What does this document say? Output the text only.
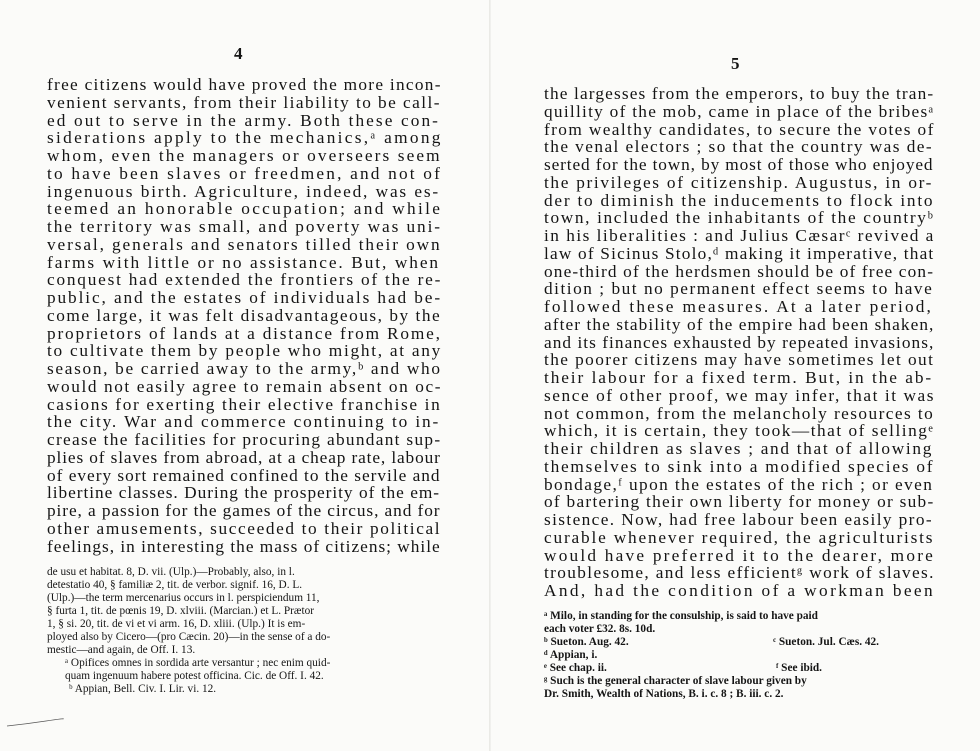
4

free citizens would have proved the more incon-
venient servants, from their liability to be call-
ed out to serve in the army. Both these con-
siderations apply to the mechanics,ᵃ among
whom, even the managers or overseers seem
to have been slaves or freedmen, and not of
ingenuous birth. Agriculture, indeed, was es-
teemed an honorable occupation; and while
the territory was small, and poverty was uni-
versal, generals and senators tilled their own
farms with little or no assistance. But, when
conquest had extended the frontiers of the re-
public, and the estates of individuals had be-
come large, it was felt disadvantageous, by the
proprietors of lands at a distance from Rome,
to cultivate them by people who might, at any
season, be carried away to the army,ᵇ and who
would not easily agree to remain absent on oc-
casions for exerting their elective franchise in
the city. War and commerce continuing to in-
crease the facilities for procuring abundant sup-
plies of slaves from abroad, at a cheap rate, labour
of every sort remained confined to the servile and
libertine classes. During the prosperity of the em-
pire, a passion for the games of the circus, and for
other amusements, succeeded to their political
feelings, in interesting the mass of citizens; while

de usu et habitat. 8, D. vii. (Ulp.)—Probably, also, in l.
detestatio 40, § familiæ 2, tit. de verbor. signif. 16, D. L.
(Ulp.)—the term mercenarius occurs in l. perspiciendum 11,
§ furta 1, tit. de pœnis 19, D. xlviii. (Marcian.) et L. Prætor
1, § si. 20, tit. de vi et vi arm. 16, D. xliii. (Ulp.) It is em-
ployed also by Cicero—(pro Cæcin. 20)—in the sense of a do-
mestic—and again, de Off. I. 13.
ᵃ Opifices omnes in sordida arte versantur ; nec enim quid-
quam ingenuum habere potest officina. Cic. de Off. I. 42.
ᵇ Appian, Bell. Civ. I. Lir. vi. 12.
5

the largesses from the emperors, to buy the tran-
quillity of the mob, came in place of the bribesᵃ
from wealthy candidates, to secure the votes of
the venal electors ; so that the country was de-
serted for the town, by most of those who enjoyed
the privileges of citizenship. Augustus, in or-
der to diminish the inducements to flock into
town, included the inhabitants of the countryᵇ
in his liberalities : and Julius Cæsarᶜ revived a
law of Sicinus Stolo,ᵈ making it imperative, that
one-third of the herdsmen should be of free con-
dition ; but no permanent effect seems to have
followed these measures. At a later period,
after the stability of the empire had been shaken,
and its finances exhausted by repeated invasions,
the poorer citizens may have sometimes let out
their labour for a fixed term. But, in the ab-
sence of other proof, we may infer, that it was
not common, from the melancholy resources to
which, it is certain, they took—that of sellingᵉ
their children as slaves ; and that of allowing
themselves to sink into a modified species of
bondage,ᶠ upon the estates of the rich ; or even
of bartering their own liberty for money or sub-
sistence. Now, had free labour been easily pro-
curable whenever required, the agriculturists
would have preferred it to the dearer, more
troublesome, and less efficientᵍ work of slaves.
And, had the condition of a workman been

ᵃ Milo, in standing for the consulship, is said to have paid
each voter £32. 8s. 10d.
ᵇ Sueton. Aug. 42.	ᶜ Sueton. Jul. Cæs. 42.
ᵈ Appian, i.
ᵉ See chap. ii.	ᶠ See ibid.
ᵍ Such is the general character of slave labour given by
Dr. Smith, Wealth of Nations, B. i. c. 8 ; B. iii. c. 2.
